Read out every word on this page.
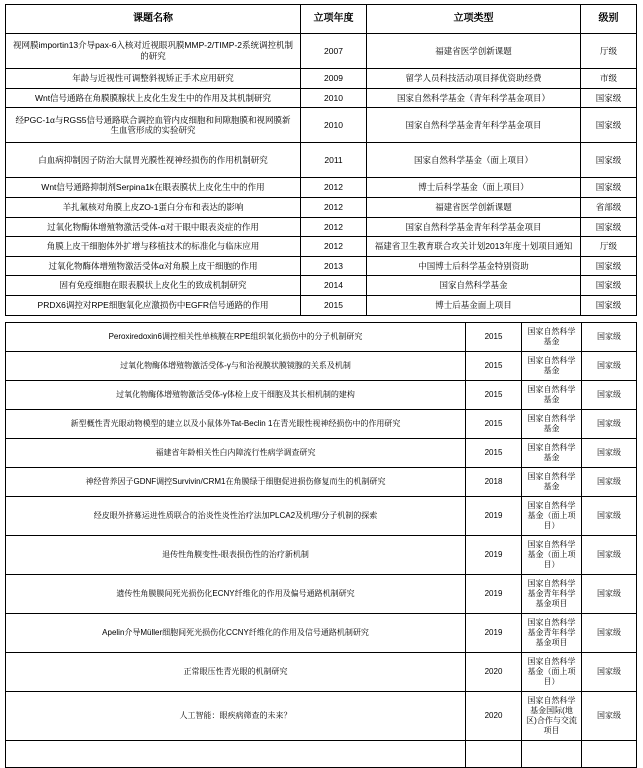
课题名称	立项年度	立项类型	级别
视网膜importin13介导pax-6入核对近视眼巩膜MMP-2/TIMP-2系统调控机制的研究	2007	福建省医学创新课题	厅级
年龄与近视性可调整斜视矫正手术应用研究	2009	留学人员科技活动项目择优资助经费	市级
Wnt信号通路在角膜膜腺状上皮化生发生中的作用及其机制研究	2010	国家自然科学基金（青年科学基金项目）	国家级
经PGC-1α与RGS5信号通路联合调控血管内皮细胞和间隙胞膜和视网膜新生血管形成的实验研究	2010	国家自然科学基金青年科学基金项目	国家级
白血病抑制因子防治大鼠胃光膜性视神经损伤的作用机制研究	2011	国家自然科学基金（面上项目）	国家级
Wnt信号通路抑制剂Serpina1k在眼表膜状上皮化生中的作用	2012	博士后科学基金（面上项目）	国家级
羊扎氟核对角膜上皮ZO-1蛋白分布和表达的影响	2012	福建省医学创新课题	省部级
过氧化物酶体增殖物激活受体-α对干眼中眼表炎症的作用	2012	国家自然科学基金青年科学基金项目	国家级
角膜上皮干细胞体外扩增与移植技术的标准化与临床应用	2012	福建省卫生教育联合攻关计划2013年度十划项目通知	厅级
过氧化物酶体增殖物激活受体α对角膜上皮干细胞的作用	2013	中国博士后科学基金特别资助	国家级
固有免疫细胞在眼表膜状上皮化生的致成机制研究	2014	国家自然科学基金	国家级
PRDX6调控对RPE细胞氧化应激损伤中EGFR信号通路的作用	2015	博士后基金面上项目	国家级
Peroxiredoxin6调控相关性单核膜在RPE组织氧化损伤中的分子机制研究	2015	国家自然科学基金	国家级
过氧化物酶体增殖物激活受体-γ与和治视膜状膜镜腺的关系及机制	2015	国家自然科学基金	国家级
过氧化物酶体增殖物激活受体-γ体检上皮干细胞及其长相机制的建构	2015	国家自然科学基金	国家级
新型概性青光眼动物模型的建立以及小鼠体外Tat-Beclin 1在青光眼性视神经损伤中的作用研究	2015	国家自然科学基金	国家级
福建省年龄相关性白内障流行性病学调查研究	2015	国家自然科学基金	国家级
神经营养因子GDNF调控Survivin/CRM1在角膜绿于细胞促进损伤修复而生的机制研究	2018	国家自然科学基金	国家级
经皮眼外挤募运进性质联合的治炎性炎性治疗法加PLCA2及机理/分子机制的探索	2019	国家自然科学基金（面上项目）	国家级
退传性角膜变性-眼表损伤性的治疗新机制	2019	国家自然科学基金（面上项目）	国家级
遗传性角膜膜间死光损伤化ECNY纤维化的作用及偏号通路机制研究	2019	国家自然科学基金青年科学基金项目	国家级
Apelin介导Müller细胞间死光损伤化CCNY纤维化的作用及信号通路机制研究	2019	国家自然科学基金青年科学基金项目	国家级
正常眼压性青光眼的机制研究	2020	国家自然科学基金（面上项目）	国家级
人工智能：眼疾病筛查的未来？	2020	国家自然科学基金国际(地区)合作与交流项目	国家级
